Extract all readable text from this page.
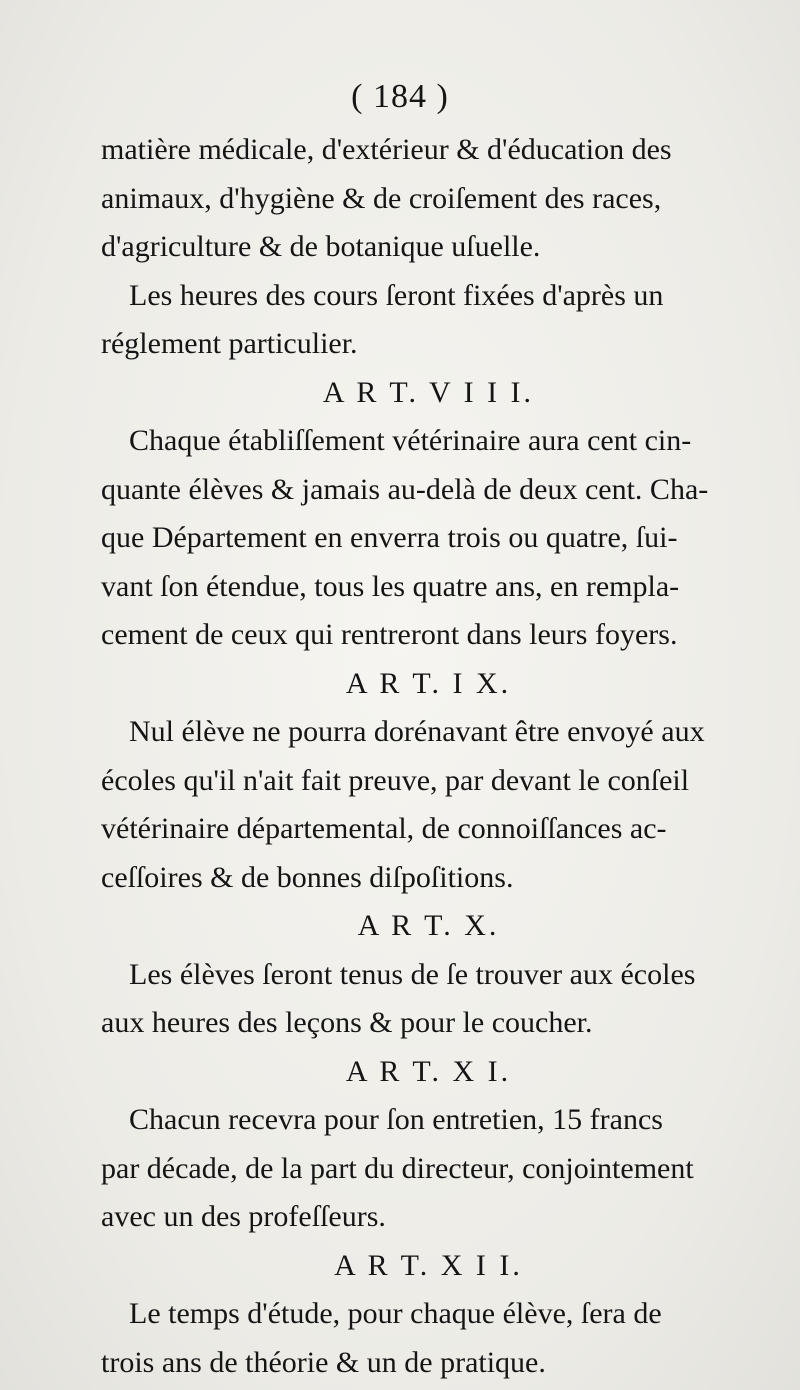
( 184 )

matière médicale, d'extérieur & d'éducation des
animaux, d'hygiène & de croiſement des races,
d'agriculture & de botanique uſuelle.

Les heures des cours ſeront fixées d'après un
réglement particulier.

A R T. V I I I.

Chaque établiſſement vétérinaire aura cent cin-
quante élèves & jamais au-delà de deux cent. Cha-
que Département en enverra trois ou quatre, ſui-
vant ſon étendue, tous les quatre ans, en rempla-
cement de ceux qui rentreront dans leurs foyers.

A R T. I X.

Nul élève ne pourra dorénavant être envoyé aux
écoles qu'il n'ait fait preuve, par devant le conſeil
vétérinaire départemental, de connoiſſances ac-
ceſſoires & de bonnes diſpoſitions.

A R T. X.

Les élèves ſeront tenus de ſe trouver aux écoles
aux heures des leçons & pour le coucher.

A R T. X I.

Chacun recevra pour ſon entretien, 15 francs
par décade, de la part du directeur, conjointement
avec un des profeſſeurs.

A R T. X I I.

Le temps d'étude, pour chaque élève, ſera de
trois ans de théorie & un de pratique.
